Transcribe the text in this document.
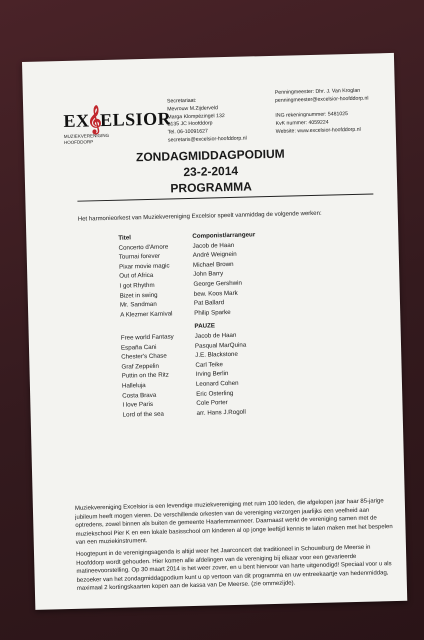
EX
𝄞
ELSIOR
MUZIEKVERENIGING
HOOFDDORP
Secretariaat:
Mevrouw M.Zijderveld
Marga Klompézingel 132
2135 JC Hoofddorp
Tel. 06-10091627
secretaris@excelsior-hoofddorp.nl
Penningmeester: Dhr. J. Van Kroglan
penningmeester@excelsior-hoofddorp.nl

ING rekeningnummer: 5481025
KvK nummer: 4059224
Website: www.excelsior-hoofddorp.nl
ZONDAGMIDDAGPODIUM
23-2-2014
PROGRAMMA
Het harmonieorkest van Muziekvereniging Excelsior speelt vanmiddag de volgende werken:
Titel
Concerto d'Amore
Tournai forever
Pixar movie magic
Out of Africa
I got Rhythm
Bizet in swing
Mr. Sandman
A Klezmer Karnival

Free world Fantasy
España Cani
Chester's Chase
Graf Zeppelin
Puttin on the Ritz
Halleluja
Costa Brava
I love Paris
Lord of the sea
Componist/arrangeur
Jacob de Haan
André Weignein
Michael Brown
John Barry
George Gershwin
bew. Koos Mark
Pat Ballard
Philip Sparke
PAUZE
Jacob de Haan
Pasqual MarQuina
J.E. Blackstone
Carl Teike
Irving Berlin
Leonard Cohen
Eric Osterling
Cole Porter
arr. Hans J.Rogoll
Muziekvereniging Excelsior is een levendige muziekvereniging met ruim 100 leden, die afgelopen jaar haar 85-jarige jubileum heeft mogen vieren. De verschillende orkesten van de vereniging verzorgen jaarlijks een veelheid aan optredens, zowel binnen als buiten de gemeente Haarlemmermeer. Daarnaast werkt de vereniging samen met de muziekschool Pier K en een lokale basisschool om kinderen al op jonge leeftijd kennis te laten maken met het bespelen van een muziekinstrument.
Hoogtepunt in de verenigingsagenda is altijd weer het Jaarconcert dat traditioneel in Schouwburg de Meerse in Hoofddorp wordt gehouden. Hier komen alle afdelingen van de vereniging bij elkaar voor een gevarieerde matineevoorstelling. Op 30 maart 2014 is het weer zover, en u bent hiervoor van harte uitgenodigd! Speciaal voor u als bezoeker van het zondagmiddagpodium kunt u op vertoon van dit programma en uw entreekaartje van hedenmiddag, maximaal 2 kortingskaarten kopen aan de kassa van De Meerse. (zie ommezijde).
